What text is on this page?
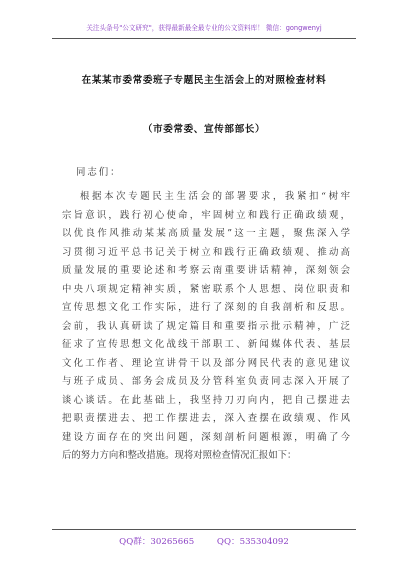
关注头条号"公文研究"，获得最新最全最专业的公文资料库！ 微信：gongwenyj
在某某市委常委班子专题民主生活会上的对照检查材料
（市委常委、宣传部部长）
同志们：
根据本次专题民主生活会的部署要求，我紧扣“树牢
宗旨意识，践行初心使命，牢固树立和践行正确政绩观，
以优良作风推动某某高质量发展”这一主题，聚焦深入学
习贯彻习近平总书记关于树立和践行正确政绩观、推动高
质量发展的重要论述和考察云南重要讲话精神，深刻领会
中央八项规定精神实质，紧密联系个人思想、岗位职责和
宣传思想文化工作实际，进行了深刻的自我剖析和反思。
会前，我认真研读了规定篇目和重要指示批示精神，广泛
征求了宣传思想文化战线干部职工、新闻媒体代表、基层
文化工作者、理论宣讲骨干以及部分网民代表的意见建议
与班子成员、部务会成员及分管科室负责同志深入开展了
谈心谈话。在此基础上，我坚持刀刃向内，把自己摆进去
把职责摆进去、把工作摆进去，深入查摆在政绩观、作风
建设方面存在的突出问题，深刻剖析问题根源，明确了今
后的努力方向和整改措施。现将对照检查情况汇报如下：
QQ群：30265665	QQ：535304092
